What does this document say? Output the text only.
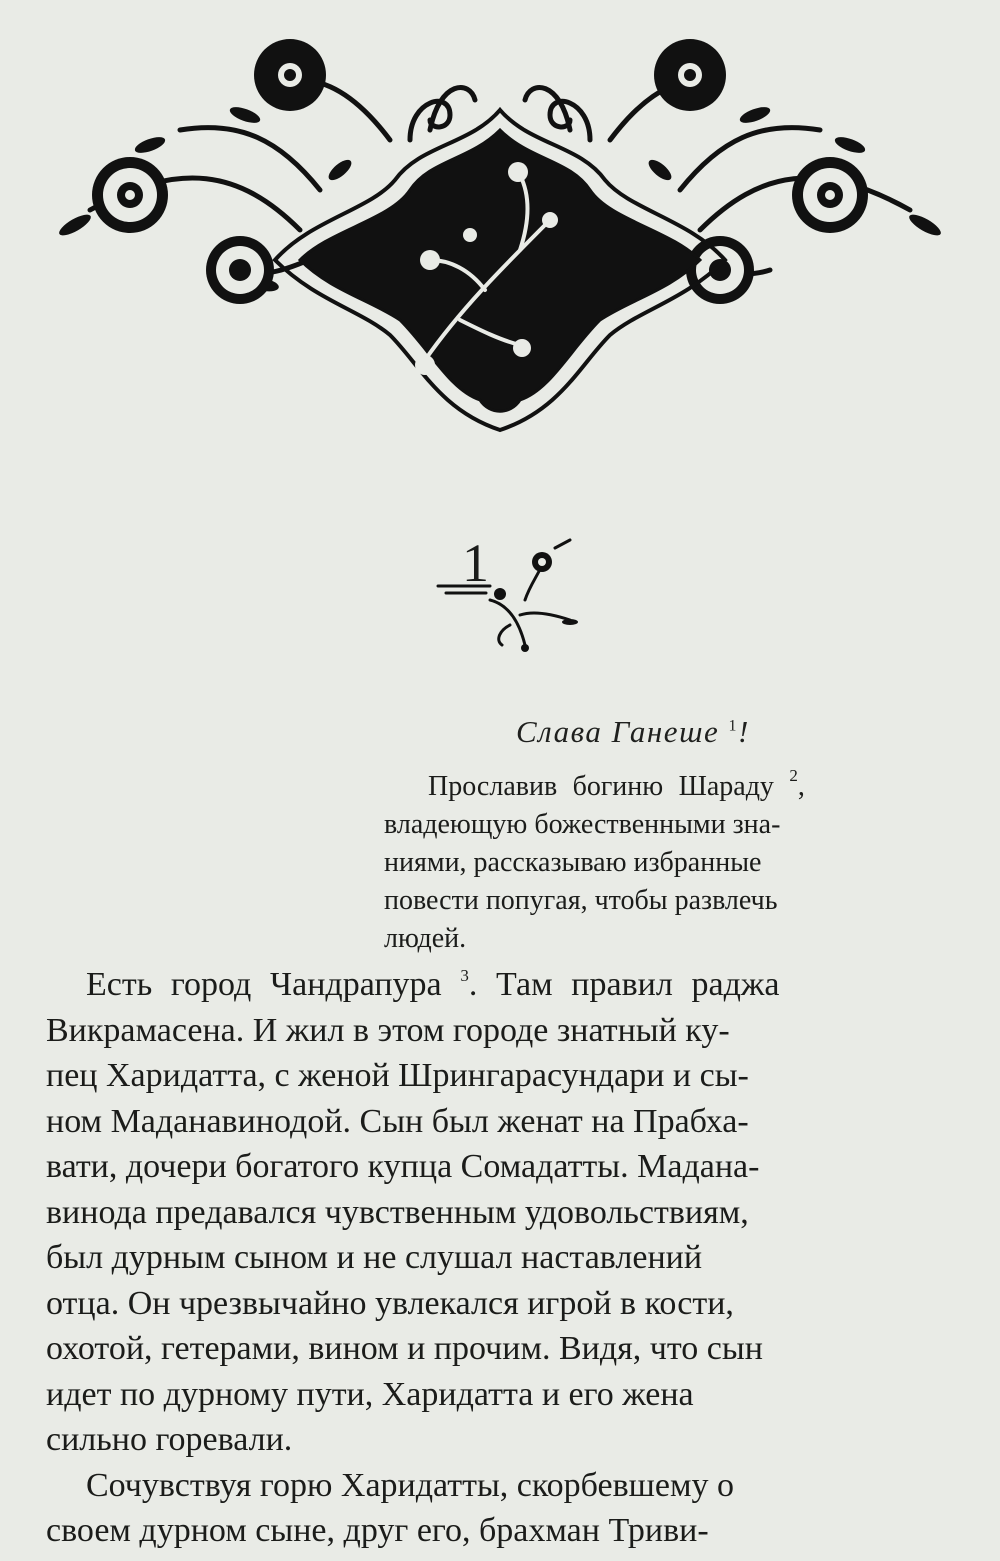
1
Слава Ганеше $^1$!
Прославив богиню Шараду $^2$,
владеющую божественными зна-
ниями, рассказываю избранные
повести попугая, чтобы развлечь
людей.
Есть город Чандрапура $^3$. Там правил раджа
Викрамасена. И жил в этом городе знатный ку-
пец Харидатта, с женой Шрингарасундари и сы-
ном Маданавинодой. Сын был женат на Прабха-
вати, дочери богатого купца Сомадатты. Мадана-
винода предавался чувственным удовольствиям,
был дурным сыном и не слушал наставлений
отца. Он чрезвычайно увлекался игрой в кости,
охотой, гетерами, вином и прочим. Видя, что сын
идет по дурному пути, Харидатта и его жена
сильно горевали.
Сочувствуя горю Харидатты, скорбевшему о
своем дурном сыне, друг его, брахман Триви-
